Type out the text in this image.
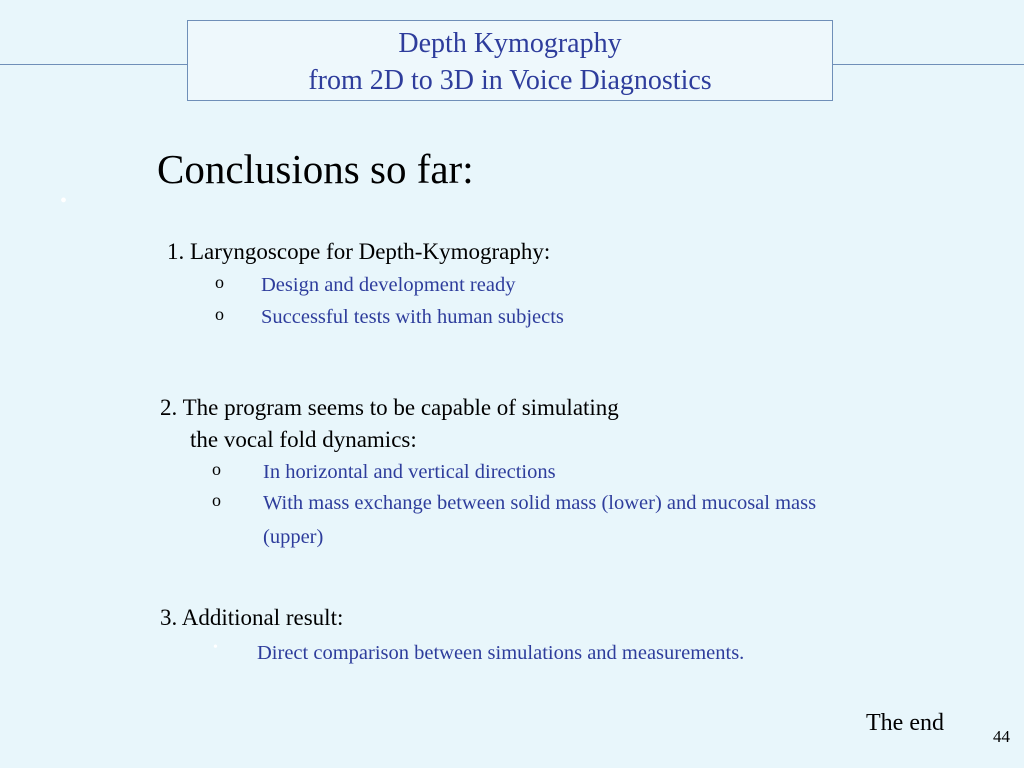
Depth Kymography
from 2D to 3D in Voice Diagnostics
Conclusions so far:
•
1. Laryngoscope for Depth-Kymography:
o Design and development ready
o Successful tests with human subjects
2. The program seems to be capable of simulating
the vocal fold dynamics:
o In horizontal and vertical directions
o With mass exchange between solid mass (lower) and mucosal mass
(upper)
3. Additional result:
• Direct comparison between simulations and measurements.
The end
44
